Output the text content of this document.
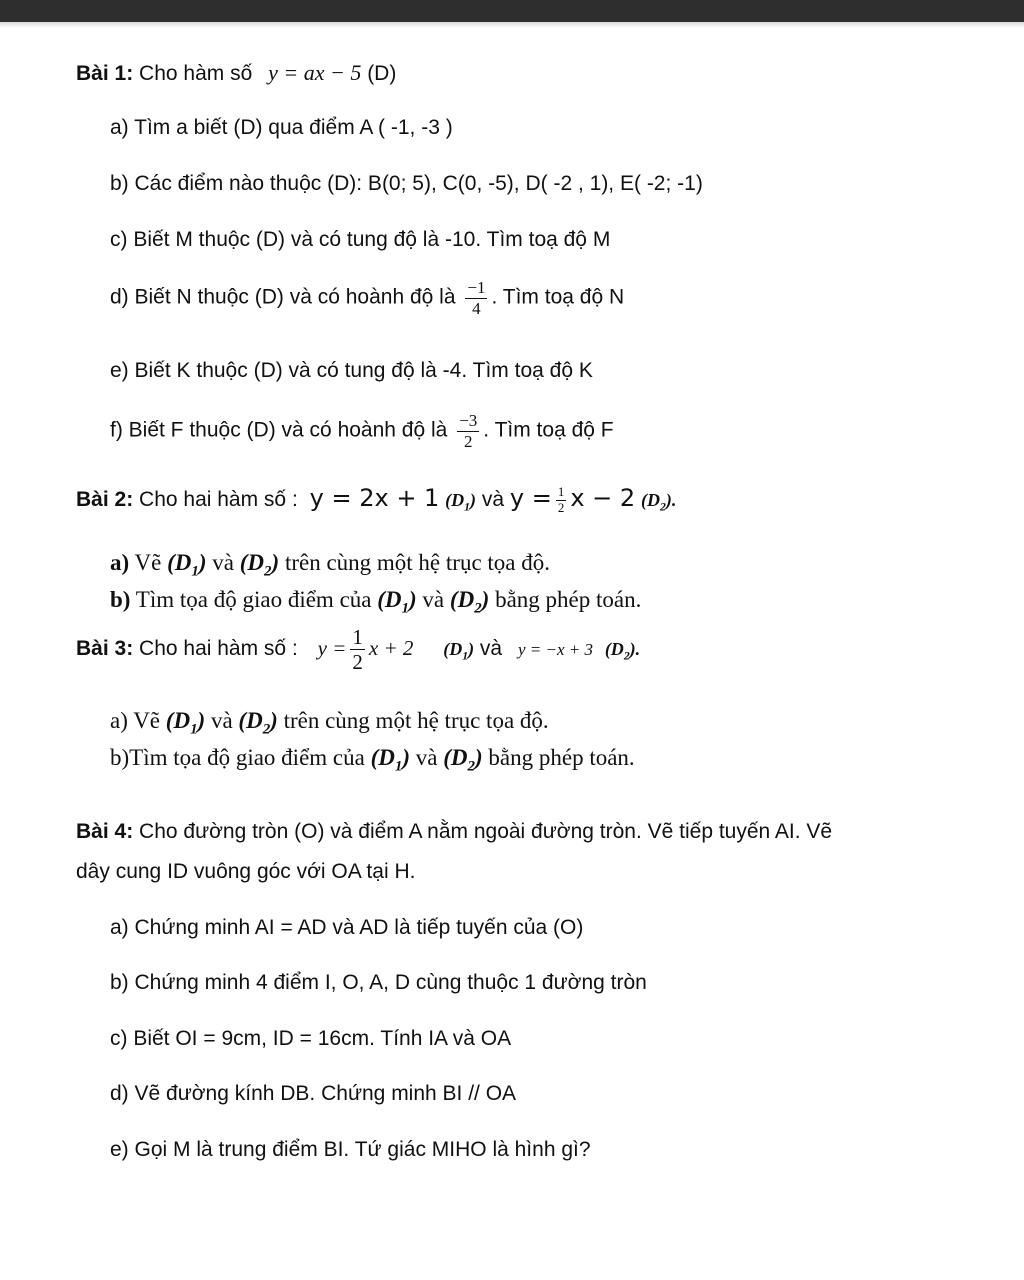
Bài 1: Cho hàm số y = ax − 5 (D)
a) Tìm a biết (D) qua điểm A ( -1, -3 )
b) Các điểm nào thuộc (D): B(0; 5), C(0, -5), D( -2 , 1), E( -2; -1)
c) Biết M thuộc (D) và có tung độ là -10. Tìm toạ độ M
d) Biết N thuộc (D) và có hoành độ là $\frac{-1}{4}$ . Tìm toạ độ N
e) Biết K thuộc (D) và có tung độ là -4. Tìm toạ độ K
f) Biết F thuộc (D) và có hoành độ là $\frac{-3}{2}$ . Tìm toạ độ F
Bài 2: Cho hai hàm số : y = 2x + 1 $(D_1)$ và $y = \frac{1}{2}$ x − 2 $(D_2)$.
a) Vẽ $(D_1)$ và $(D_2)$ trên cùng một hệ trục tọa độ.
b) Tìm tọa độ giao điểm của $(D_1)$ và $(D_2)$ bằng phép toán.
Bài 3: Cho hai hàm số : $y = \frac{1}{2}$ x + 2 $(D_1)$ và y = −x + 3 $(D_2)$.
a) Vẽ $(D_1)$ và $(D_2)$ trên cùng một hệ trục tọa độ.
b)Tìm tọa độ giao điểm của $(D_1)$ và $(D_2)$ bằng phép toán.
Bài 4: Cho đường tròn (O) và điểm A nằm ngoài đường tròn. Vẽ tiếp tuyến AI. Vẽ
dây cung ID vuông góc với OA tại H.
a) Chứng minh AI = AD và AD là tiếp tuyến của (O)
b) Chứng minh 4 điểm I, O, A, D cùng thuộc 1 đường tròn
c) Biết OI = 9cm, ID = 16cm. Tính IA và OA
d) Vẽ đường kính DB. Chứng minh BI // OA
e) Gọi M là trung điểm BI. Tứ giác MIHO là hình gì?
